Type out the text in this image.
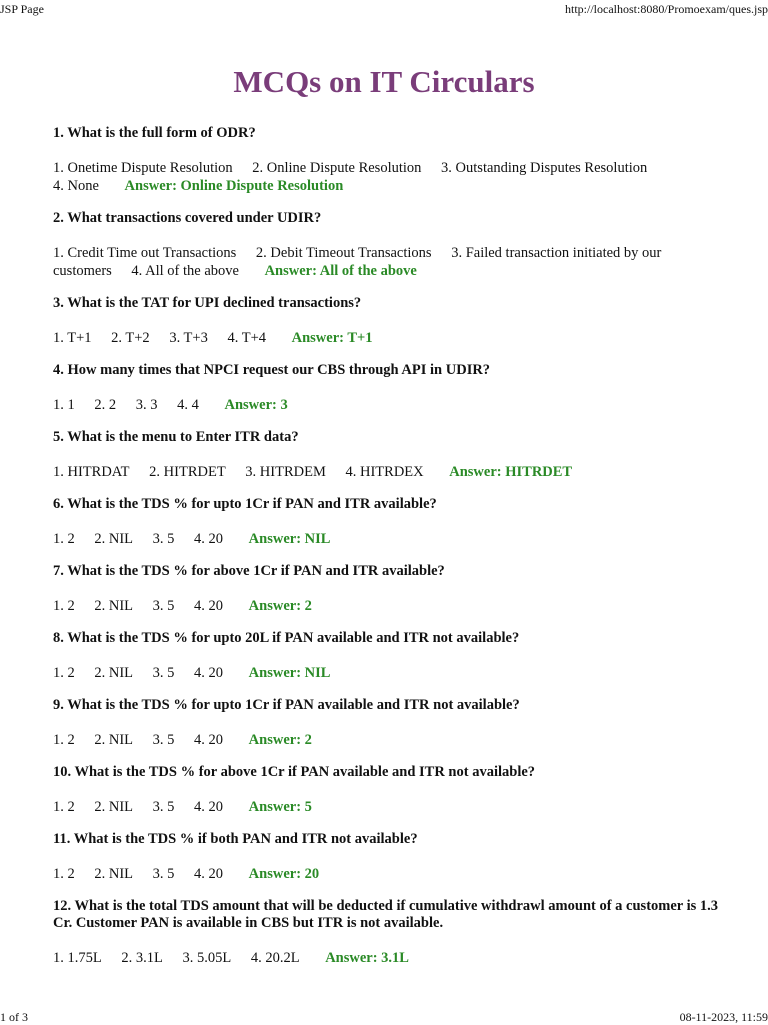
JSP Page	http://localhost:8080/Promoexam/ques.jsp
MCQs on IT Circulars

1. What is the full form of ODR?

1. Onetime Dispute Resolution 2. Online Dispute Resolution 3. Outstanding Disputes Resolution 4. None Answer: Online Dispute Resolution

2. What transactions covered under UDIR?

1. Credit Time out Transactions 2. Debit Timeout Transactions 3. Failed transaction initiated by our customers 4. All of the above Answer: All of the above

3. What is the TAT for UPI declined transactions?

1. T+1 2. T+2 3. T+3 4. T+4 Answer: T+1

4. How many times that NPCI request our CBS through API in UDIR?

1. 1 2. 2 3. 3 4. 4 Answer: 3

5. What is the menu to Enter ITR data?

1. HITRDAT 2. HITRDET 3. HITRDEM 4. HITRDEX Answer: HITRDET

6. What is the TDS % for upto 1Cr if PAN and ITR available?

1. 2 2. NIL 3. 5 4. 20 Answer: NIL

7. What is the TDS % for above 1Cr if PAN and ITR available?

1. 2 2. NIL 3. 5 4. 20 Answer: 2

8. What is the TDS % for upto 20L if PAN available and ITR not available?

1. 2 2. NIL 3. 5 4. 20 Answer: NIL

9. What is the TDS % for upto 1Cr if PAN available and ITR not available?

1. 2 2. NIL 3. 5 4. 20 Answer: 2

10. What is the TDS % for above 1Cr if PAN available and ITR not available?

1. 2 2. NIL 3. 5 4. 20 Answer: 5

11. What is the TDS % if both PAN and ITR not available?

1. 2 2. NIL 3. 5 4. 20 Answer: 20

12. What is the total TDS amount that will be deducted if cumulative withdrawl amount of a customer is 1.3 Cr. Customer PAN is available in CBS but ITR is not available.

1. 1.75L 2. 3.1L 3. 5.05L 4. 20.2L Answer: 3.1L

1 of 3	08-11-2023, 11:59
